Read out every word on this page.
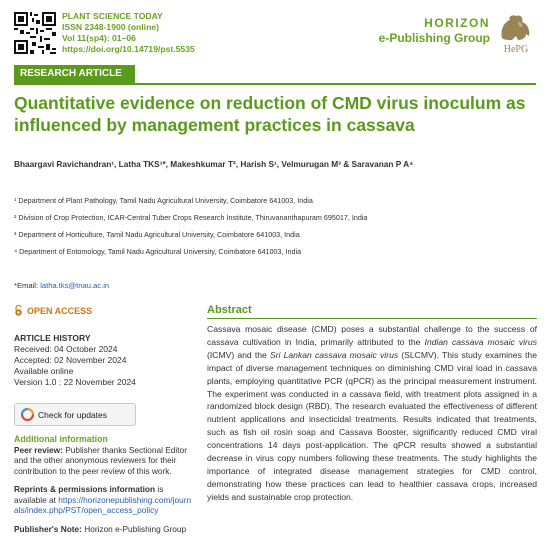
PLANT SCIENCE TODAY
ISSN 2348-1900 (online)
Vol 11(sp4): 01–06
https://doi.org/10.14719/pst.5535
HORIZON
e-Publishing Group
HePG
RESEARCH ARTICLE
Quantitative evidence on reduction of CMD virus inoculum as influenced by management practices in cassava
Bhaargavi Ravichandran¹, Latha TKS¹*, Makeshkumar T², Harish S¹, Velmurugan M³ & Saravanan P A⁴
¹ Department of Plant Pathology, Tamil Nadu Agricultural University, Coimbatore 641003, India
² Division of Crop Protection, ICAR-Central Tuber Crops Research Institute, Thiruvananthapuram 695017, India
³ Department of Horticulture, Tamil Nadu Agricultural University, Coimbatore 641003, India
⁴ Department of Entomology, Tamil Nadu Agricultural University, Coimbatore 641003, India
*Email: latha.tks@tnau.ac.in
OPEN ACCESS
ARTICLE HISTORY
Received: 04 October 2024
Accepted: 02 November 2024
Available online
Version 1.0 : 22 November 2024
Check for updates
Additional information
Peer review: Publisher thanks Sectional Editor and the other anonymous reviewers for their contribution to the peer review of this work.
Reprints & permissions information is available at https://horizonepublishing.com/journals/index.php/PST/open_access_policy
Publisher's Note: Horizon e-Publishing Group
Abstract
Cassava mosaic disease (CMD) poses a substantial challenge to the success of cassava cultivation in India, primarily attributed to the Indian cassava mosaic virus (ICMV) and the Sri Lankan cassava mosaic virus (SLCMV). This study examines the impact of diverse management techniques on diminishing CMD viral load in cassava plants, employing quantitative PCR (qPCR) as the principal measurement instrument. The experiment was conducted in a cassava field, with treatment plots assigned in a randomized block design (RBD). The research evaluated the effectiveness of different nutrient applications and insecticidal treatments. Results indicated that treatments, such as fish oil rosin soap and Cassava Booster, significantly reduced CMD viral concentrations 14 days post-application. The qPCR results showed a substantial decrease in virus copy numbers following these treatments. The study highlights the importance of integrated disease management strategies for CMD control, demonstrating how these practices can lead to healthier cassava crops, increased yields and sustainable crop protection.
